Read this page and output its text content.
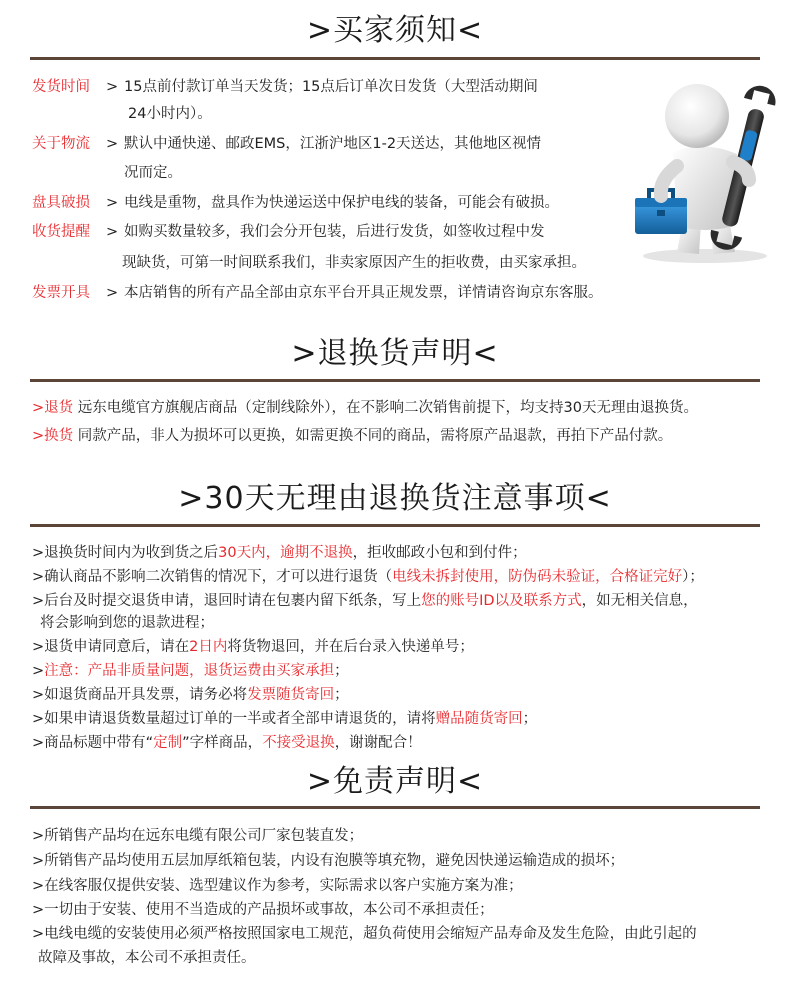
>买家须知<
发货时间 > 15点前付款订单当天发货；15点后订单次日发货（大型活动期间
24小时内）。
关于物流 > 默认中通快递、邮政EMS，江浙沪地区1-2天送达，其他地区视情
况而定。
盘具破损 > 电线是重物，盘具作为快递运送中保护电线的装备，可能会有破损。
收货提醒 > 如购买数量较多，我们会分开包装，后进行发货，如签收过程中发
现缺货，可第一时间联系我们，非卖家原因产生的拒收费，由买家承担。
发票开具 > 本店销售的所有产品全部由京东平台开具正规发票，详情请咨询京东客服。
>退换货声明<
>退货 远东电缆官方旗舰店商品（定制线除外），在不影响二次销售前提下，均支持30天无理由退换货。
>换货 同款产品，非人为损坏可以更换，如需更换不同的商品，需将原产品退款，再拍下产品付款。
>30天无理由退换货注意事项<
>退换货时间内为收到货之后30天内，逾期不退换，拒收邮政小包和到付件；
>确认商品不影响二次销售的情况下，才可以进行退货（电线未拆封使用，防伪码未验证，合格证完好）；
>后台及时提交退货申请，退回时请在包裹内留下纸条，写上您的账号ID以及联系方式，如无相关信息，
将会影响到您的退款进程；
>退货申请同意后，请在2日内将货物退回，并在后台录入快递单号；
>注意：产品非质量问题，退货运费由买家承担；
>如退货商品开具发票，请务必将发票随货寄回；
>如果申请退货数量超过订单的一半或者全部申请退货的，请将赠品随货寄回；
>商品标题中带有“定制”字样商品，不接受退换，谢谢配合！
>免责声明<
>所销售产品均在远东电缆有限公司厂家包装直发；
>所销售产品均使用五层加厚纸箱包装，内设有泡膜等填充物，避免因快递运输造成的损坏；
>在线客服仅提供安装、选型建议作为参考，实际需求以客户实施方案为准；
>一切由于安装、使用不当造成的产品损坏或事故，本公司不承担责任；
>电线电缆的安装使用必须严格按照国家电工规范，超负荷使用会缩短产品寿命及发生危险，由此引起的
故障及事故，本公司不承担责任。
